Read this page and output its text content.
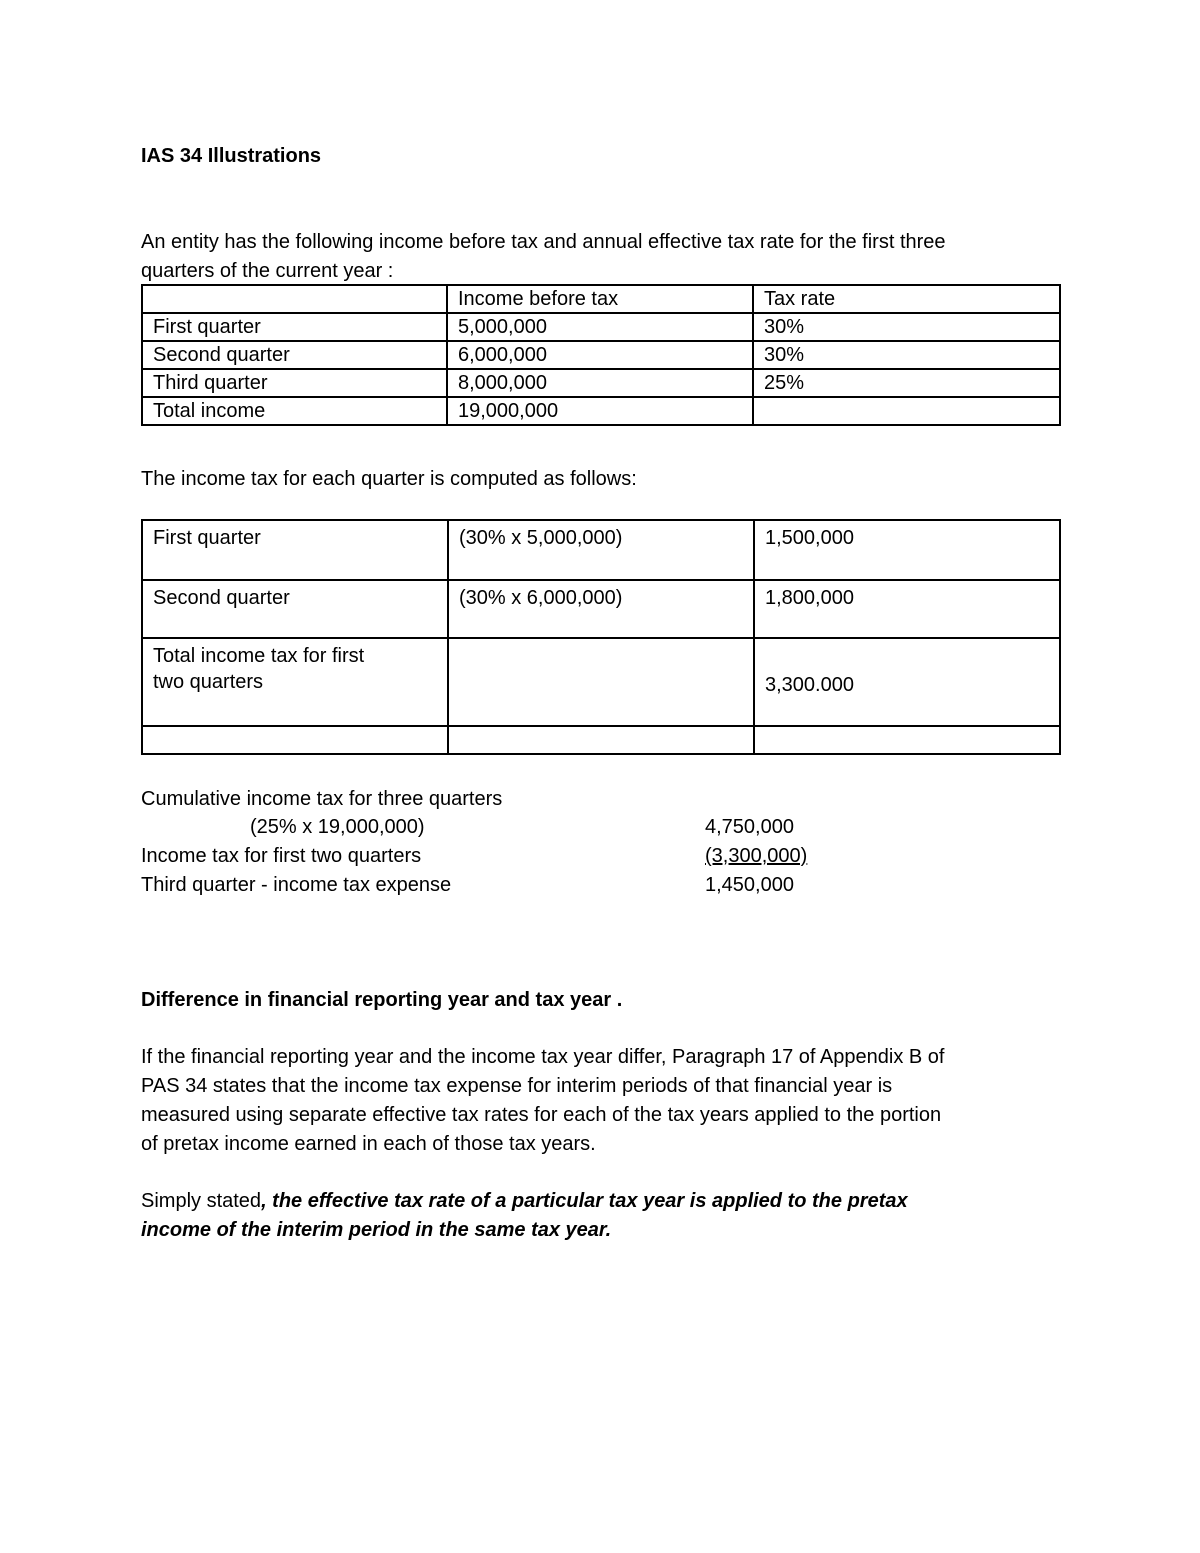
IAS 34 Illustrations
An entity has the following income before tax and annual effective tax rate for the first three
quarters of the current year :
	Income before tax	Tax rate
First quarter	5,000,000	30%
Second quarter	6,000,000	30%
Third quarter	8,000,000	25%
Total income	19,000,000	
The income tax for each quarter is computed as follows:
First quarter	(30% x 5,000,000)	1,500,000
Second quarter	(30% x 6,000,000)	1,800,000

Total income tax for first
two quarters		3,300.000

Cumulative income tax for three quarters
(25% x 19,000,000)	4,750,000
Income tax for first two quarters	(3,300,000)
Third quarter - income tax expense	1,450,000
Difference in financial reporting year and tax year .
If the financial reporting year and the income tax year differ, Paragraph 17 of Appendix B of
PAS 34 states that the income tax expense for interim periods of that financial year is
measured using separate effective tax rates for each of the tax years applied to the portion
of pretax income earned in each of those tax years.
Simply stated, the effective tax rate of a particular tax year is applied to the pretax
income of the interim period in the same tax year.
